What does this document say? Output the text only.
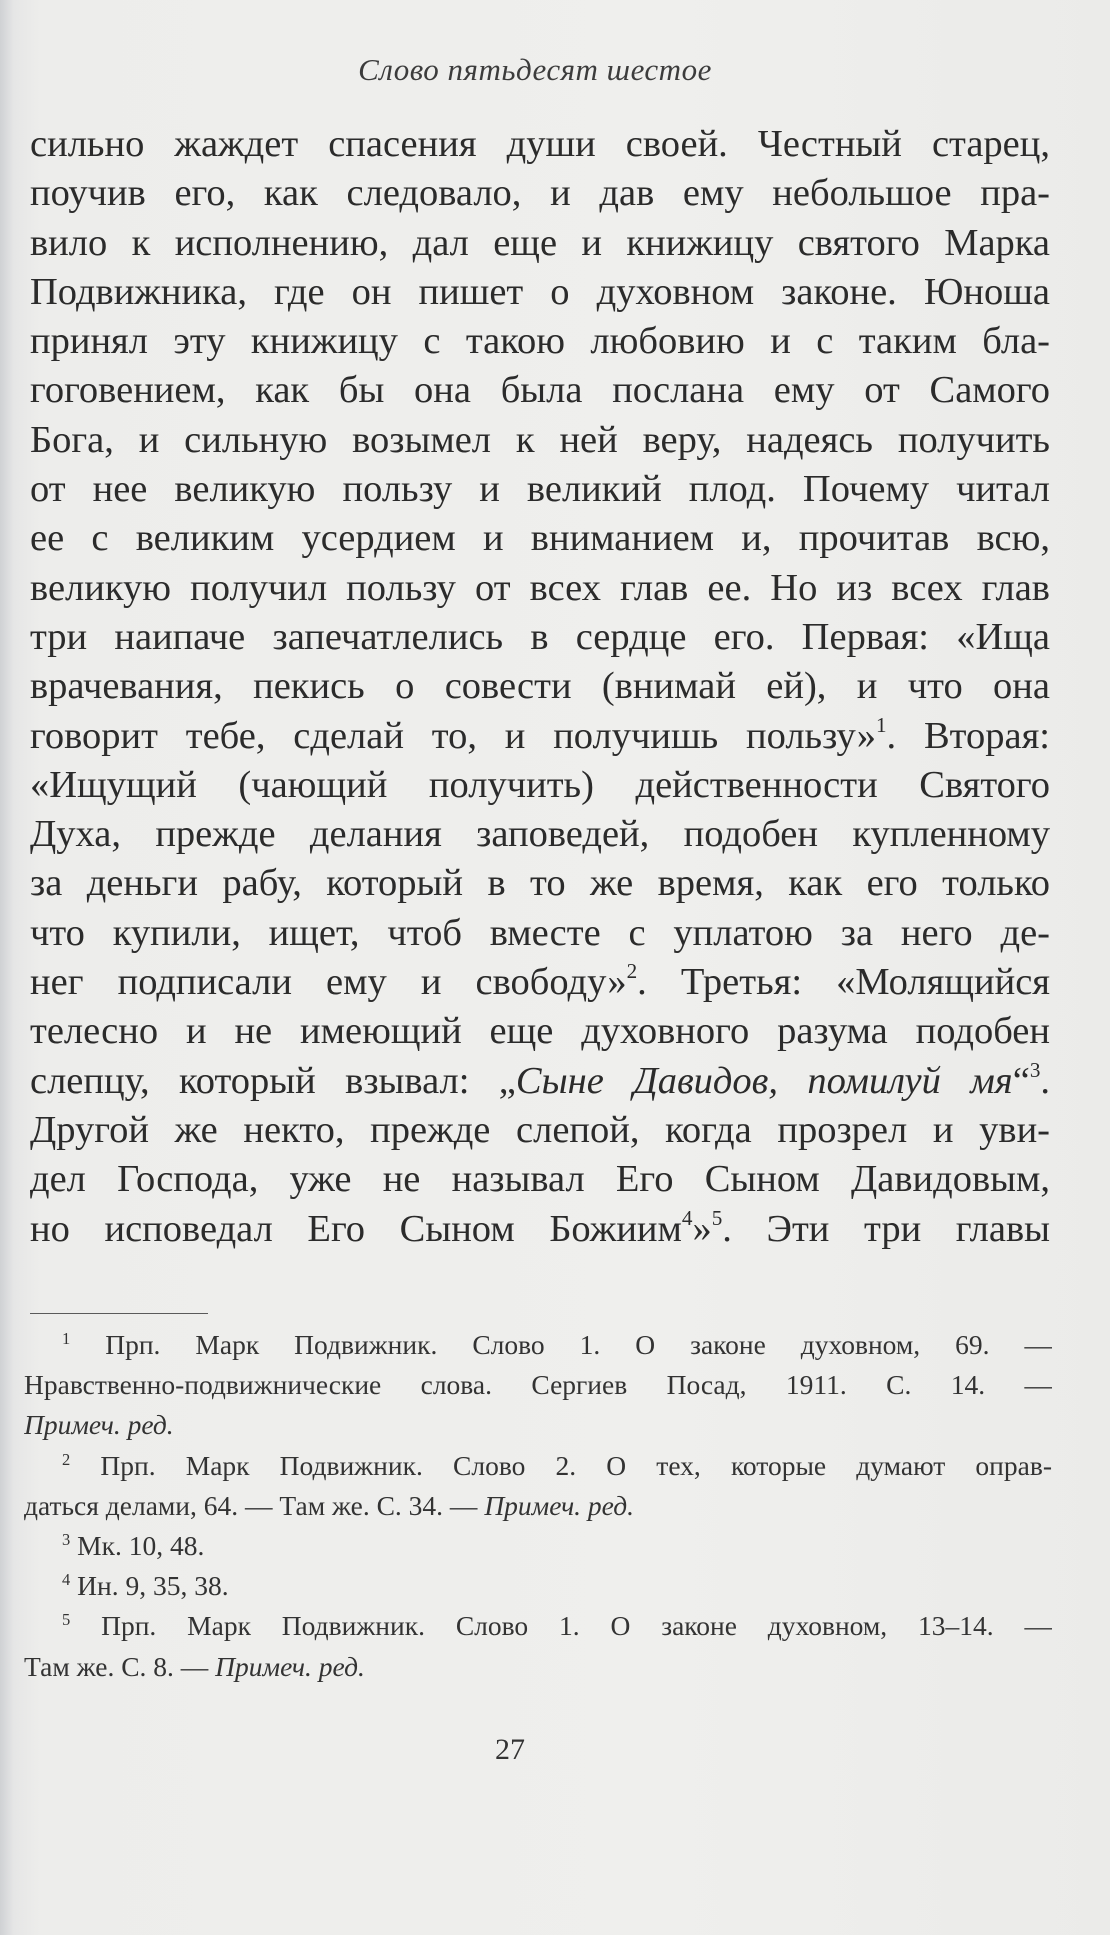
Слово пятьдесят шестое
сильно жаждет спасения души своей. Честный старец,
поучив его, как следовало, и дав ему небольшое пра-
вило к исполнению, дал еще и книжицу святого Марка
Подвижника, где он пишет о духовном законе. Юноша
принял эту книжицу с такою любовию и с таким бла-
гоговением, как бы она была послана ему от Самого
Бога, и сильную возымел к ней веру, надеясь получить
от нее великую пользу и великий плод. Почему читал
ее с великим усердием и вниманием и, прочитав всю,
великую получил пользу от всех глав ее. Но из всех глав
три наипаче запечатлелись в сердце его. Первая: «Ища
врачевания, пекись о совести (внимай ей), и что она
говорит тебе, сделай то, и получишь пользу»$^1$. Вторая:
«Ищущий (чающий получить) действенности Святого
Духа, прежде делания заповедей, подобен купленному
за деньги рабу, который в то же время, как его только
что купили, ищет, чтоб вместе с уплатою за него де-
нег подписали ему и свободу»$^2$. Третья: «Молящийся
телесно и не имеющий еще духовного разума подобен
слепцу, который взывал: „Сыне Давидов, помилуй мя“$^3$.
Другой же некто, прежде слепой, когда прозрел и уви-
дел Господа, уже не называл Его Сыном Давидовым,
но исповедал Его Сыном Божиим$^4$»$^5$. Эти три главы
$^1$ Прп. Марк Подвижник. Слово 1. О законе духовном, 69. —
Нравственно-подвижнические слова. Сергиев Посад, 1911. С. 14. —
Примеч. ред.
$^2$ Прп. Марк Подвижник. Слово 2. О тех, которые думают оправ-
даться делами, 64. — Там же. С. 34. — Примеч. ред.
$^3$ Мк. 10, 48.
$^4$ Ин. 9, 35, 38.
$^5$ Прп. Марк Подвижник. Слово 1. О законе духовном, 13–14. —
Там же. С. 8. — Примеч. ред.
27
